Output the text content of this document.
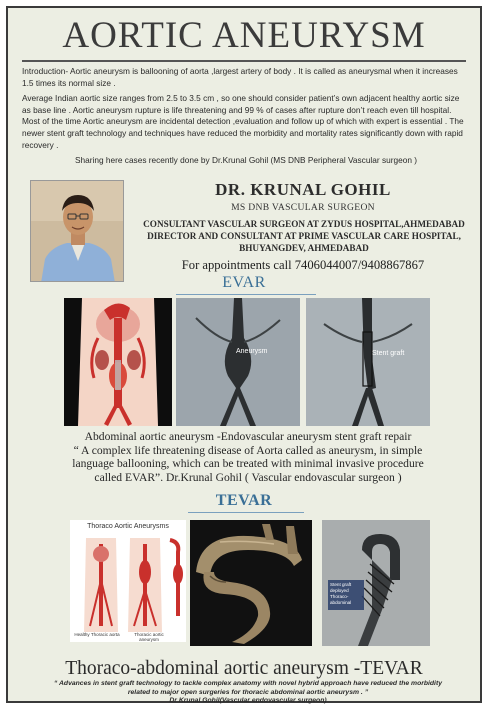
AORTIC ANEURYSM

Introduction- Aortic aneurysm is ballooning of aorta ,largest artery of body . It is called as aneurysmal when it increases 1.5 times its normal size .

Average Indian aortic size ranges from 2.5 to 3.5 cm , so one should consider patient’s own adjacent healthy aortic size as base line . Aortic aneurysm rupture is life threatening and 99 % of cases after rupture don’t reach even till hospital. Most of the time Aortic aneurysm are incidental detection ,evaluation and follow up of which with expert is essential . The newer stent graft technology and techniques have reduced the morbidity and mortality rates significantly down with rapid recovery .

Sharing here cases recently done by Dr.Krunal Gohil (MS DNB Peripheral Vascular surgeon )

DR. KRUNAL GOHIL
MS DNB VASCULAR SURGEON
CONSULTANT VASCULAR SURGEON AT ZYDUS HOSPITAL,AHMEDABAD
DIRECTOR AND CONSULTANT AT PRIME VASCULAR CARE HOSPITAL,
BHUYANGDEV, AHMEDABAD
For appointments call 7406044007/9408867867
EVAR
Aneurysm	Stent graft
Abdominal aortic aneurysm -Endovascular aneurysm stent graft repair
“ A complex life threatening disease of Aorta called as aneurysm, in simple
language ballooning, which can be treated with minimal invasive procedure
called EVAR”. Dr.Krunal Gohil ( Vascular endovascular surgeon )
TEVAR
Thoraco Aortic Aneurysms
Healthy Thoracic aorta	Thoracic aortic aneurysm
Stent graft deployed Thoraco-abdominal
Thoraco-abdominal aortic aneurysm -TEVAR
“ Advances in stent graft technology to tackle complex anatomy with novel hybrid approach have reduced the morbidity
related to major open surgeries for thoracic abdominal aortic aneurysm . ”
Dr Krunal Gohil(Vascular endovascular surgeon)
